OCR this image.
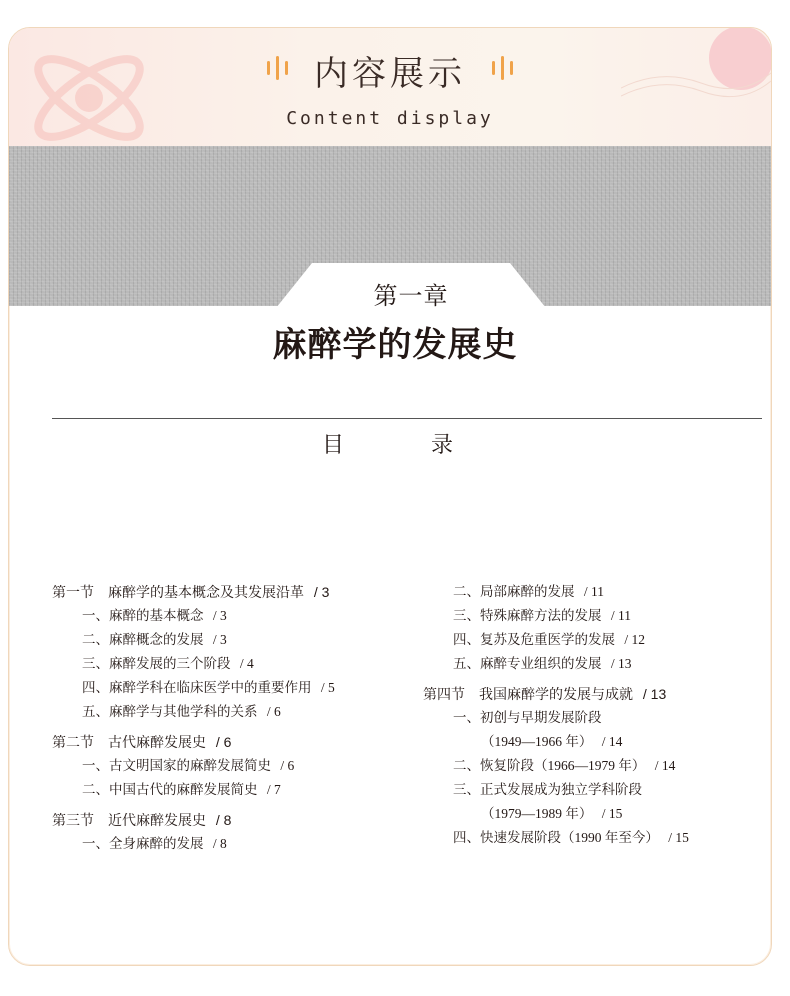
内容展示
Content display
第一章
麻醉学的发展史
目 录
第一节　麻醉学的基本概念及其发展沿革 / 3
一、麻醉的基本概念 / 3
二、麻醉概念的发展 / 3
三、麻醉发展的三个阶段 / 4
四、麻醉学科在临床医学中的重要作用 / 5
五、麻醉学与其他学科的关系 / 6
第二节　古代麻醉发展史 / 6
一、古文明国家的麻醉发展简史 / 6
二、中国古代的麻醉发展简史 / 7
第三节　近代麻醉发展史 / 8
一、全身麻醉的发展 / 8
二、局部麻醉的发展 / 11
三、特殊麻醉方法的发展 / 11
四、复苏及危重医学的发展 / 12
五、麻醉专业组织的发展 / 13
第四节　我国麻醉学的发展与成就 / 13
一、初创与早期发展阶段
（1949—1966 年） / 14
二、恢复阶段（1966—1979 年） / 14
三、正式发展成为独立学科阶段
（1979—1989 年） / 15
四、快速发展阶段（1990 年至今） / 15
